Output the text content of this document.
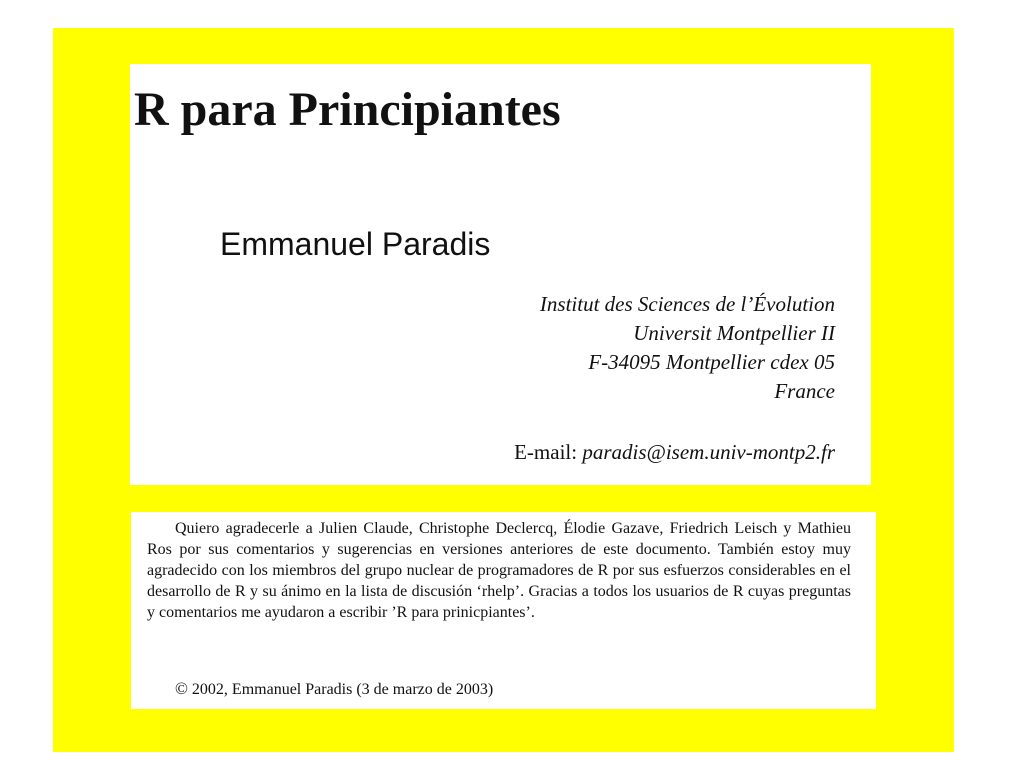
R para Principiantes
Emmanuel Paradis
Institut des Sciences de l’Évolution
Universit Montpellier II
F-34095 Montpellier cdex 05
France
E-mail: paradis@isem.univ-montp2.fr

Quiero agradecerle a Julien Claude, Christophe Declercq, Élodie Gazave, Friedrich Leisch y Mathieu Ros por sus comentarios y sugerencias en versiones anteriores de este documento. También estoy muy agradecido con los miembros del grupo nuclear de programadores de R por sus esfuerzos considerables en el desarrollo de R y su ánimo en la lista de discusión ‘rhelp’. Gracias a todos los usuarios de R cuyas preguntas y comentarios me ayudaron a escribir ’R para prinicpiantes’.

© 2002, Emmanuel Paradis (3 de marzo de 2003)
